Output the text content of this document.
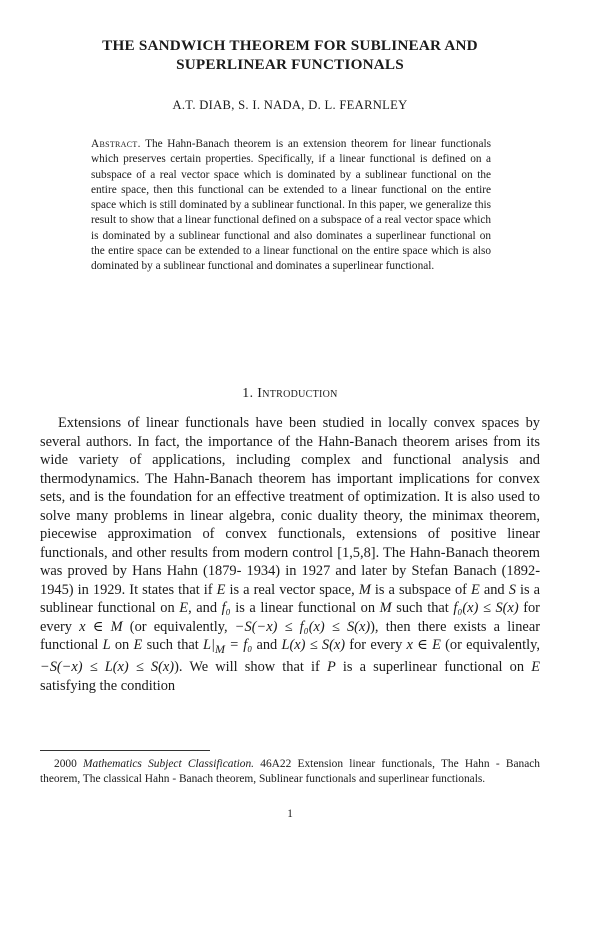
THE SANDWICH THEOREM FOR SUBLINEAR AND
SUPERLINEAR FUNCTIONALS
A.T. DIAB, S. I. NADA, D. L. FEARNLEY
Abstract. The Hahn-Banach theorem is an extension theorem for linear functionals which preserves certain properties. Specifically, if a linear functional is defined on a subspace of a real vector space which is dominated by a sublinear functional on the entire space, then this functional can be extended to a linear functional on the entire space which is still dominated by a sublinear functional. In this paper, we generalize this result to show that a linear functional defined on a subspace of a real vector space which is dominated by a sublinear functional and also dominates a superlinear functional on the entire space can be extended to a linear functional on the entire space which is also dominated by a sublinear functional and dominates a superlinear functional.
1. Introduction

Extensions of linear functionals have been studied in locally convex spaces by several authors. In fact, the importance of the Hahn-Banach theorem arises from its wide variety of applications, including complex and functional analysis and thermodynamics. The Hahn-Banach theorem has important implications for convex sets, and is the foundation for an effective treatment of optimization. It is also used to solve many problems in linear algebra, conic duality theory, the minimax theorem, piecewise approximation of convex functionals, extensions of positive linear functionals, and other results from modern control [1,5,8]. The Hahn-Banach theorem was proved by Hans Hahn (1879- 1934) in 1927 and later by Stefan Banach (1892-1945) in 1929. It states that if E is a real vector space, M is a subspace of E and S is a sublinear functional on E, and f₀ is a linear functional on M such that f₀(x) ≤ S(x) for every x ∈ M (or equivalently, −S(−x) ≤ f₀(x) ≤ S(x)), then there exists a linear functional L on E such that $L|_M = f_0$ and L(x) ≤ S(x) for every x ∈ E (or equivalently, −S(−x) ≤ L(x) ≤ S(x)). We will show that if P is a superlinear functional on E satisfying the condition

2000 Mathematics Subject Classification. 46A22 Extension linear functionals, The Hahn - Banach theorem, The classical Hahn - Banach theorem, Sublinear functionals and superlinear functionals.
1
